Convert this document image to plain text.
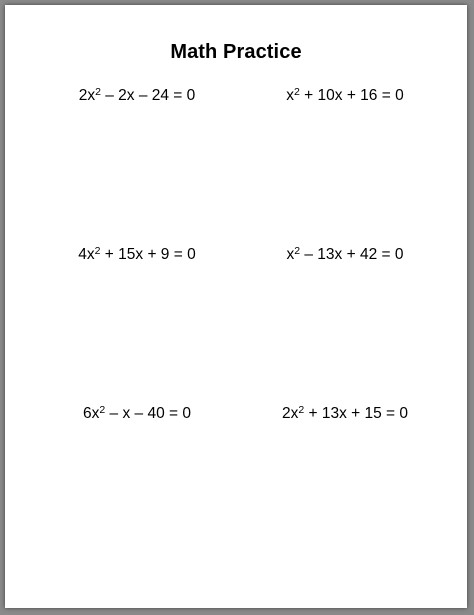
Math Practice
$2x^2 - 2x - 24 = 0$	$x^2 + 10x + 16 = 0$
$4x^2 + 15x + 9 = 0$	$x^2 - 13x + 42 = 0$
$6x^2 - x - 40 = 0$	$2x^2 + 13x + 15 = 0$
